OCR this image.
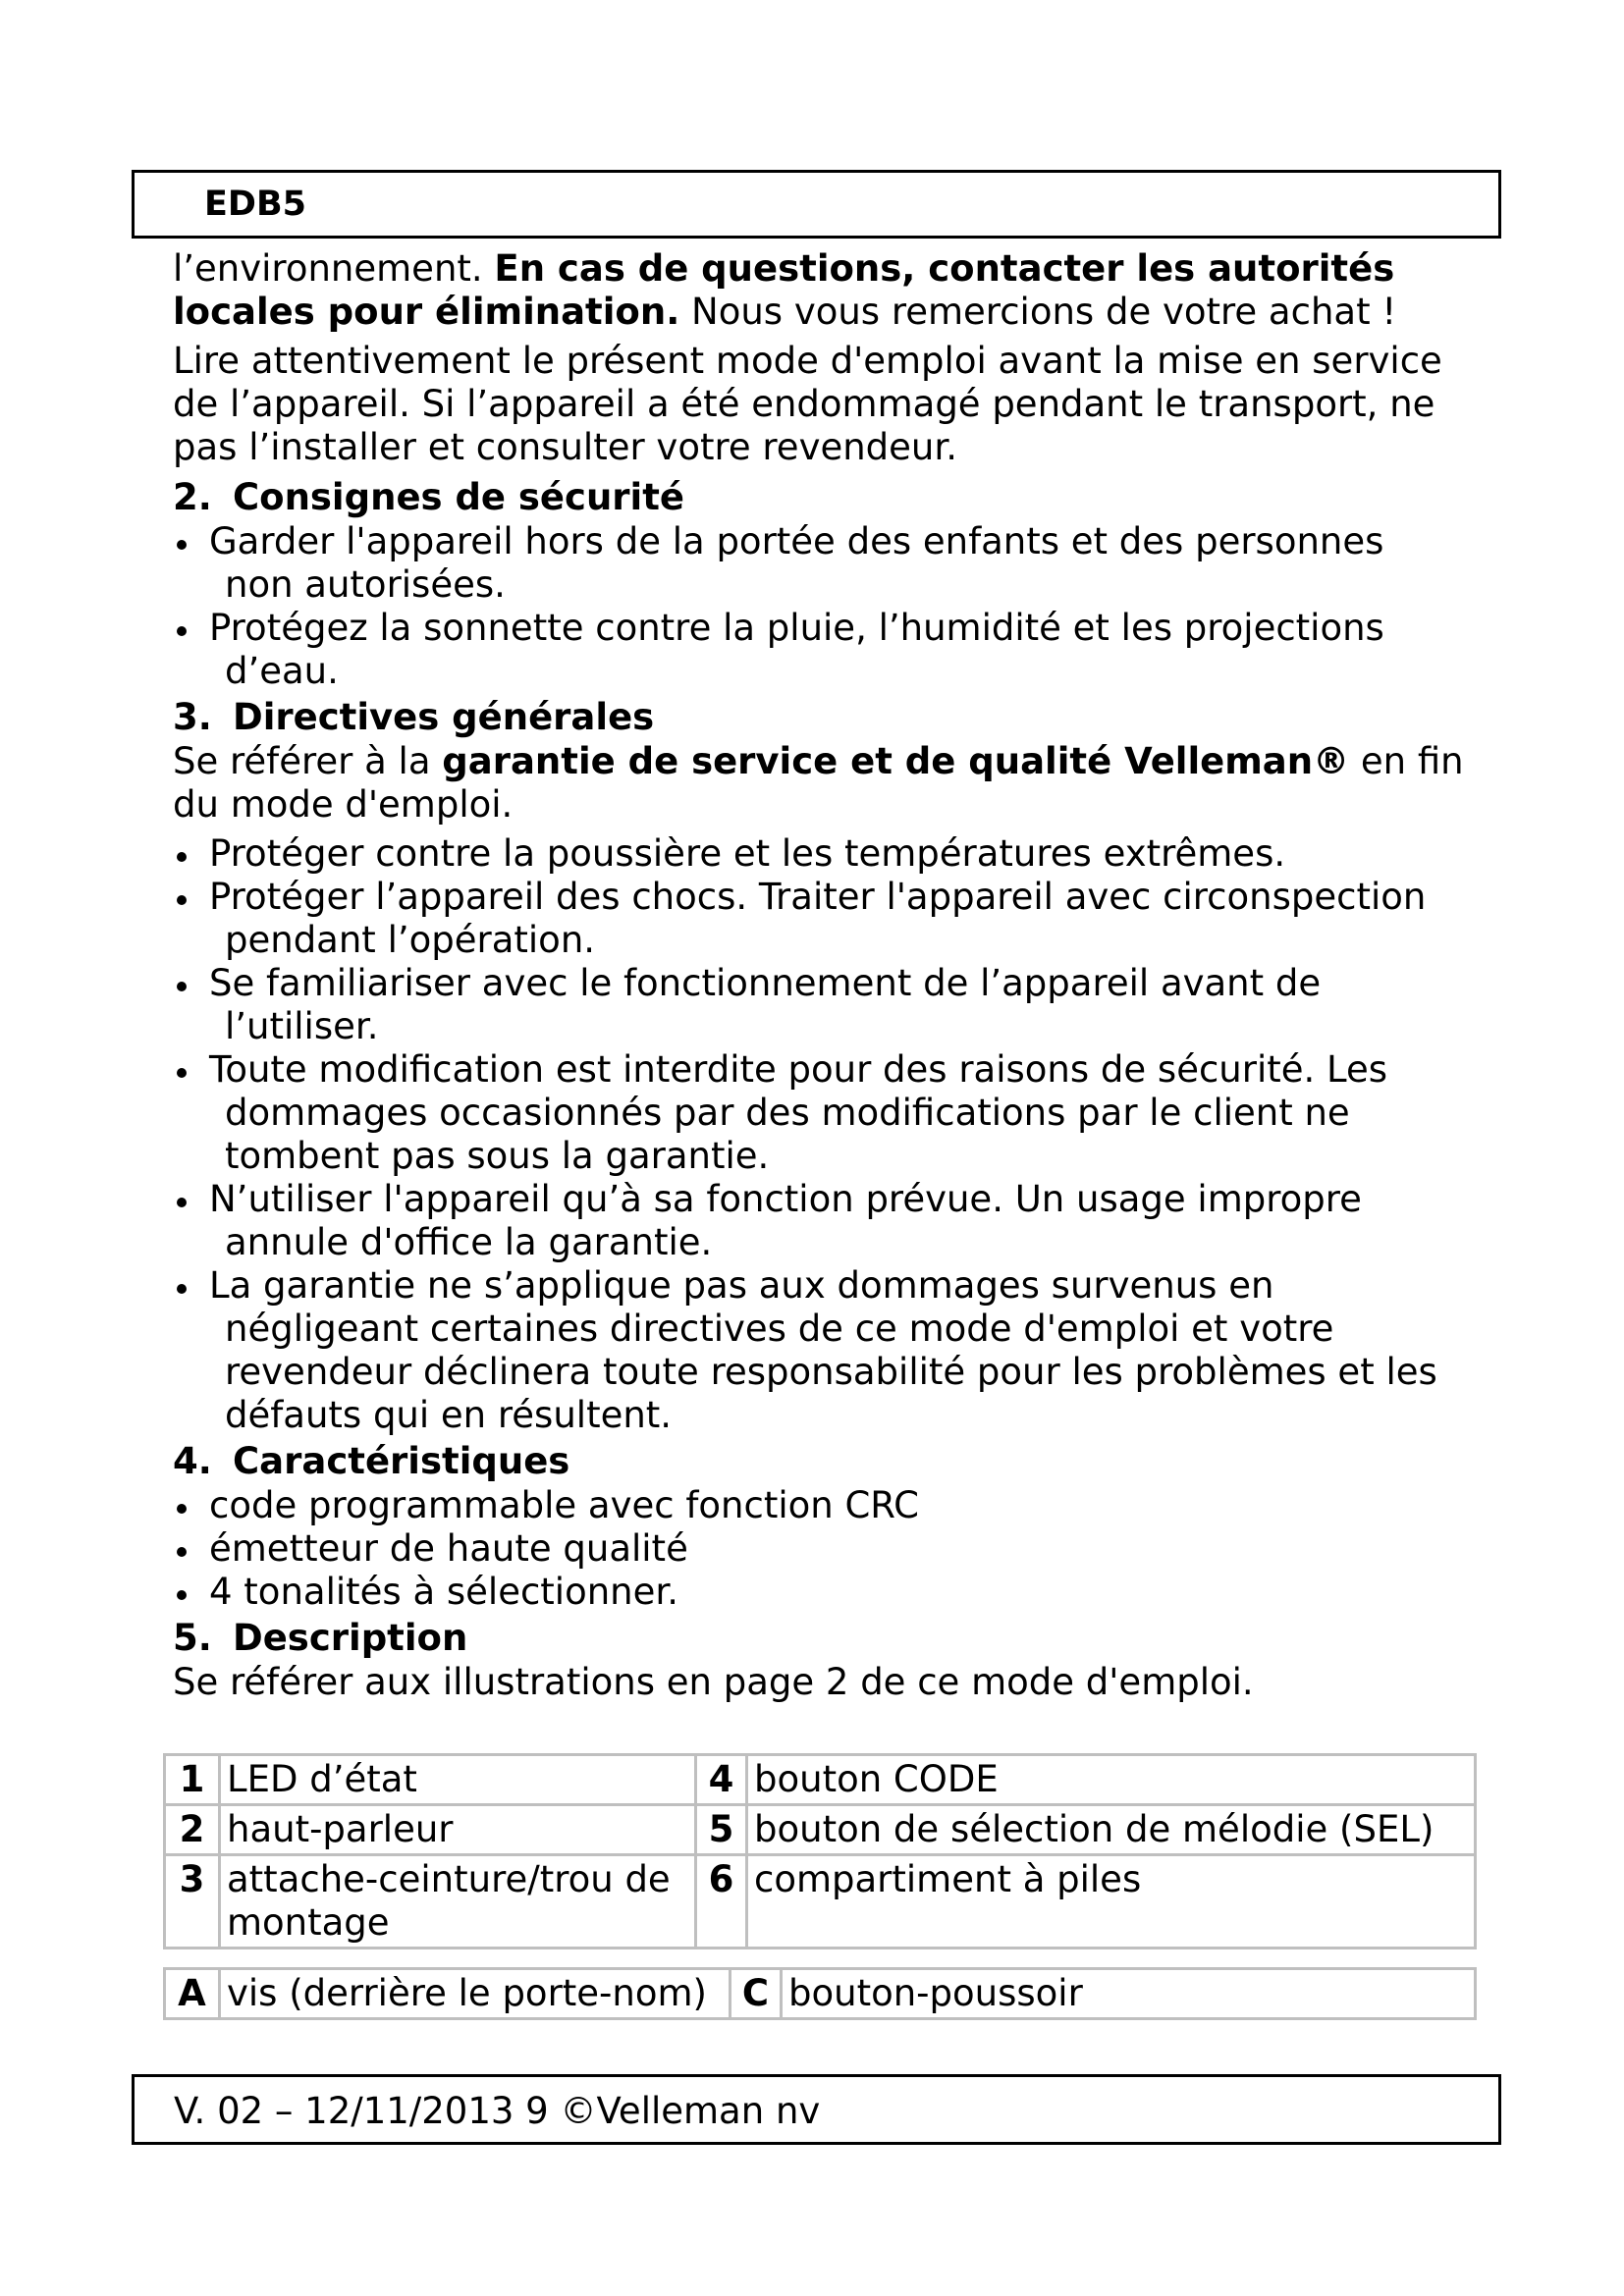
EDB5

l’environnement. En cas de questions, contacter les autorités locales pour élimination. Nous vous remercions de votre achat !

Lire attentivement le présent mode d'emploi avant la mise en service de l’appareil. Si l’appareil a été endommagé pendant le transport, ne pas l’installer et consulter votre revendeur.

2. Consignes de sécurité
Garder l'appareil hors de la portée des enfants et des personnes
non autorisées.
Protégez la sonnette contre la pluie, l’humidité et les projections
d’eau.
3. Directives générales

Se référer à la garantie de service et de qualité Velleman® en fin du mode d'emploi.

Protéger contre la poussière et les températures extrêmes.
Protéger l’appareil des chocs. Traiter l'appareil avec circonspection
pendant l’opération.
Se familiariser avec le fonctionnement de l’appareil avant de
l’utiliser.
Toute modification est interdite pour des raisons de sécurité. Les
dommages occasionnés par des modifications par le client ne tombent pas sous la garantie.
N’utiliser l'appareil qu’à sa fonction prévue. Un usage impropre
annule d'office la garantie.
La garantie ne s’applique pas aux dommages survenus en
négligeant certaines directives de ce mode d'emploi et votre revendeur déclinera toute responsabilité pour les problèmes et les défauts qui en résultent.
4. Caractéristiques
code programmable avec fonction CRC
émetteur de haute qualité
4 tonalités à sélectionner.
5. Description

Se référer aux illustrations en page 2 de ce mode d'emploi.

1	LED d’état	4	bouton CODE
2	haut-parleur	5	bouton de sélection de mélodie (SEL)
3	attache-ceinture/trou de montage	6	compartiment à piles
A	vis (derrière le porte-nom)	C	bouton-poussoir
V. 02 – 12/11/2013 9 ©Velleman nv
